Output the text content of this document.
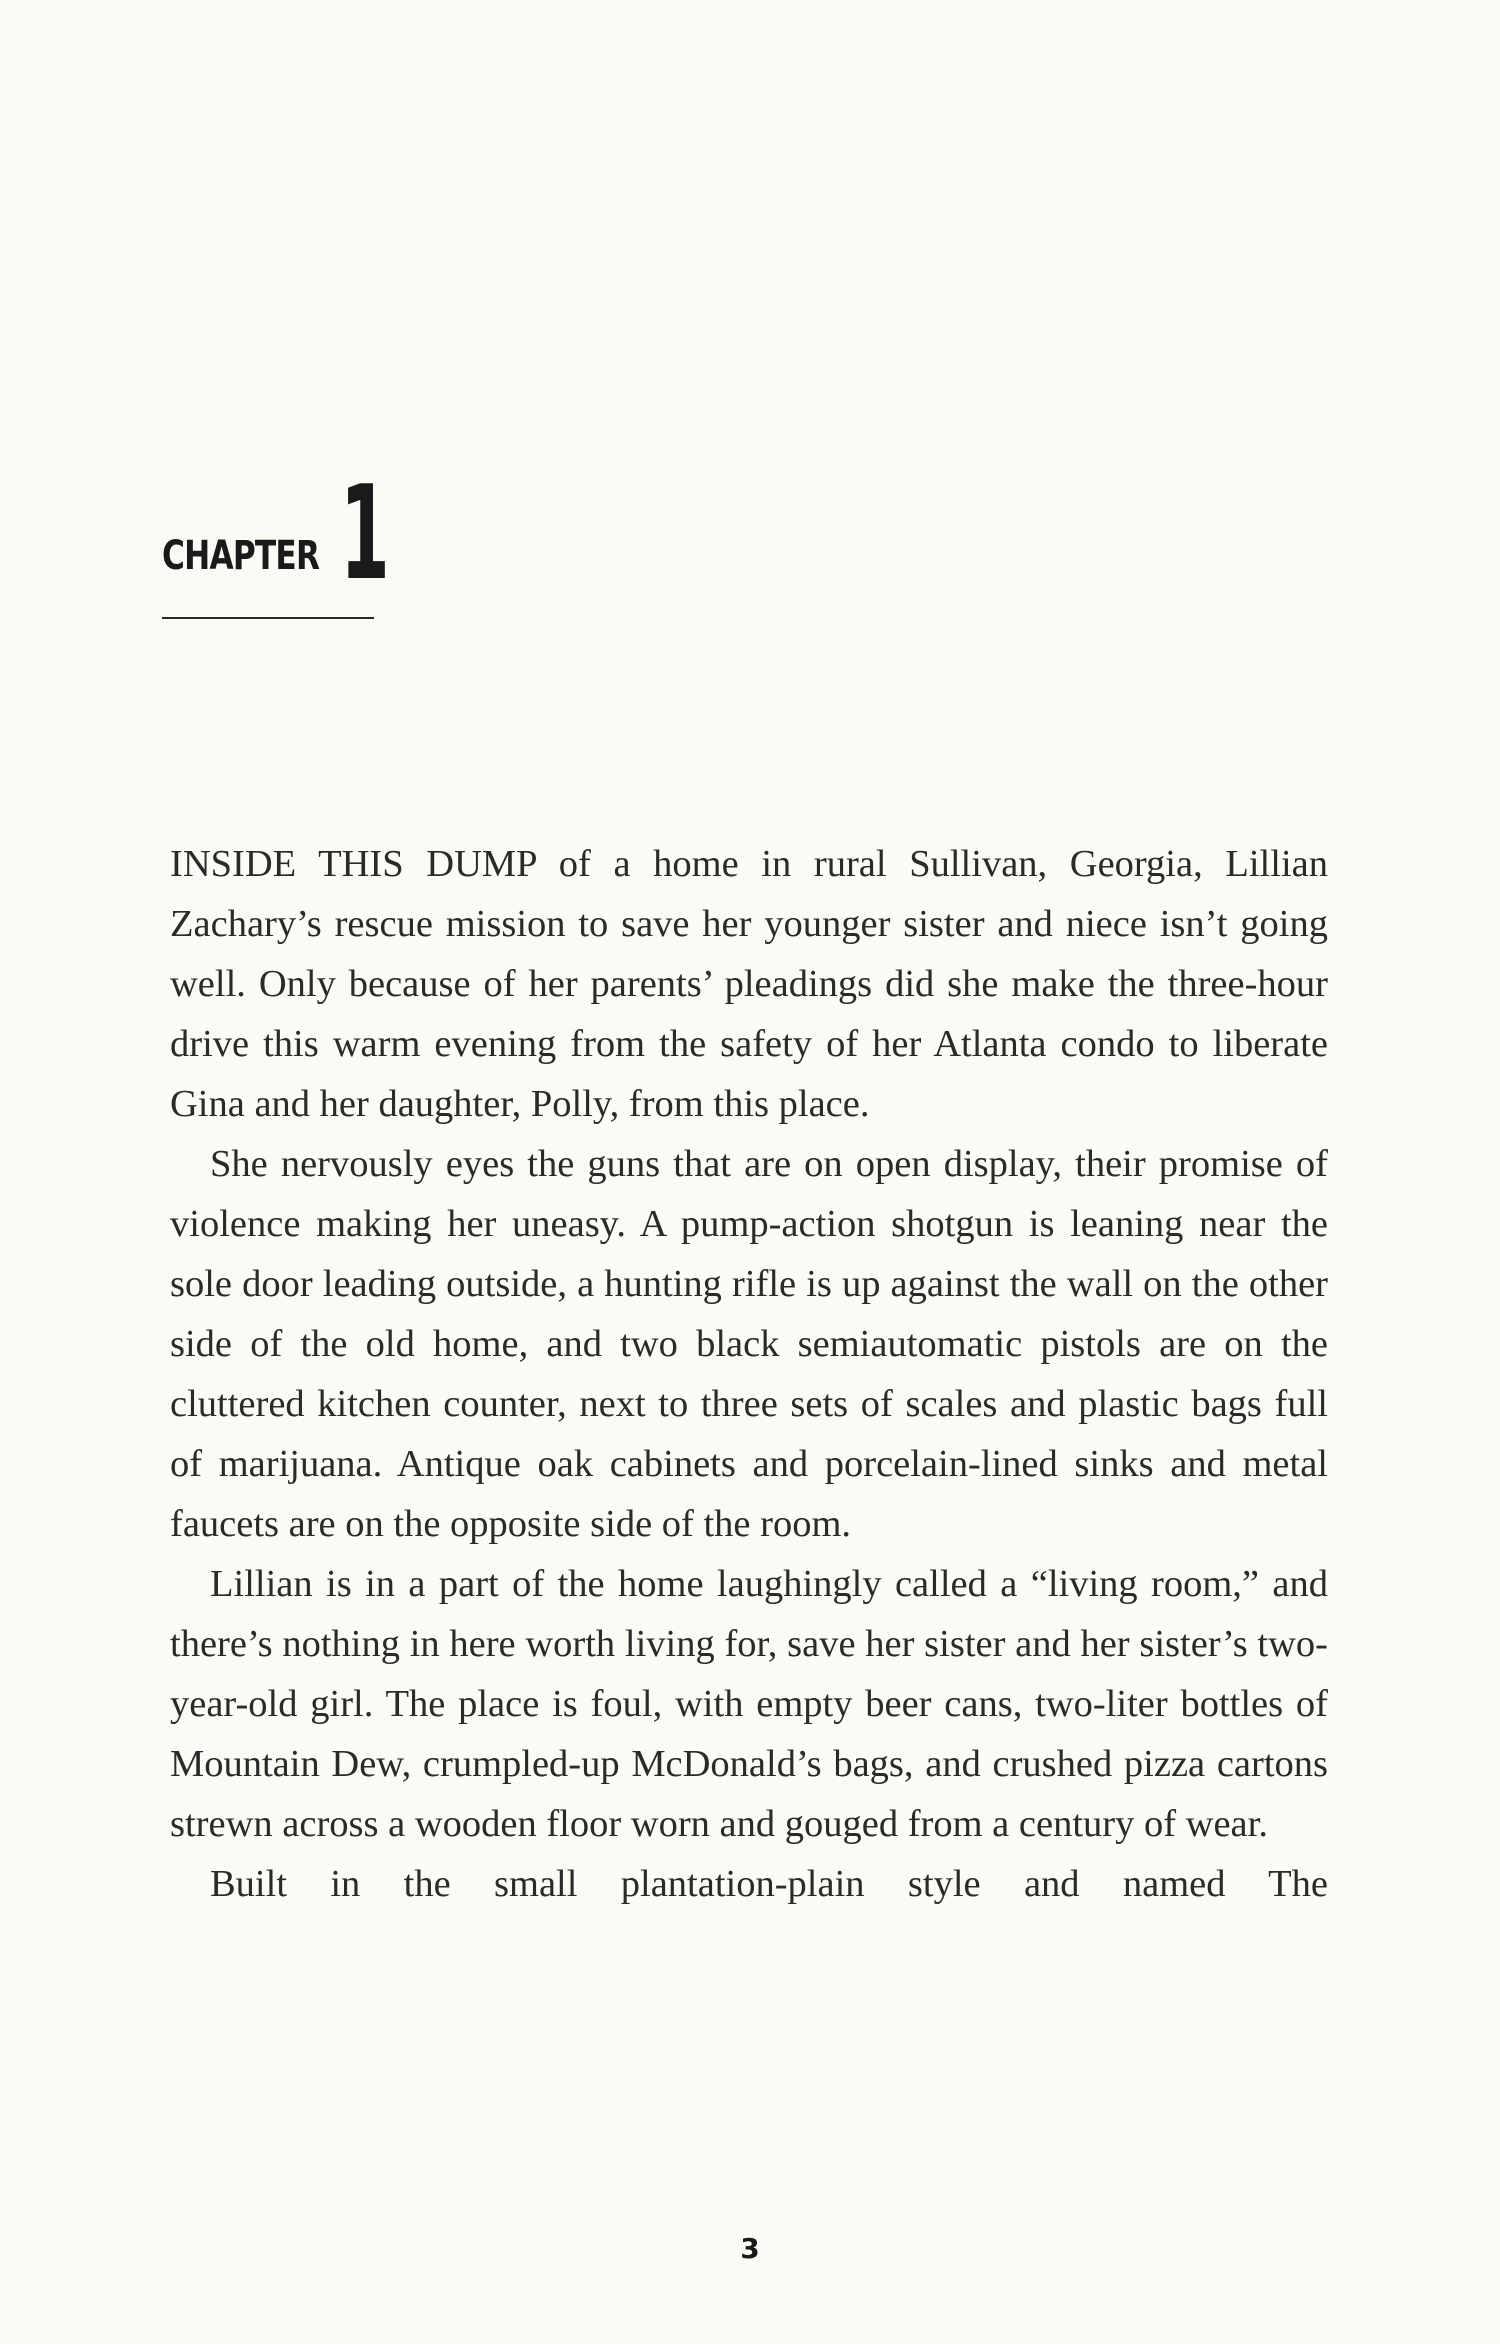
CHAPTER 1

INSIDE THIS DUMP of a home in rural Sullivan, Georgia, Lillian Zachary’s rescue mission to save her younger sister and niece isn’t going well. Only because of her parents’ pleadings did she make the three-hour drive this warm evening from the safety of her Atlanta condo to liberate Gina and her daughter, Polly, from this place.

She nervously eyes the guns that are on open display, their promise of violence making her uneasy. A pump-action shotgun is leaning near the sole door leading outside, a hunting rifle is up against the wall on the other side of the old home, and two black semiautomatic pistols are on the cluttered kitchen counter, next to three sets of scales and plastic bags full of marijuana. Antique oak cabinets and porcelain-lined sinks and metal faucets are on the opposite side of the room.

Lillian is in a part of the home laughingly called a “living room,” and there’s nothing in here worth living for, save her sister and her sister’s two-year-old girl. The place is foul, with empty beer cans, two-liter bottles of Mountain Dew, crumpled-up McDonald’s bags, and crushed pizza cartons strewn across a wooden floor worn and gouged from a century of wear.

Built in the small plantation-plain style and named The

3
